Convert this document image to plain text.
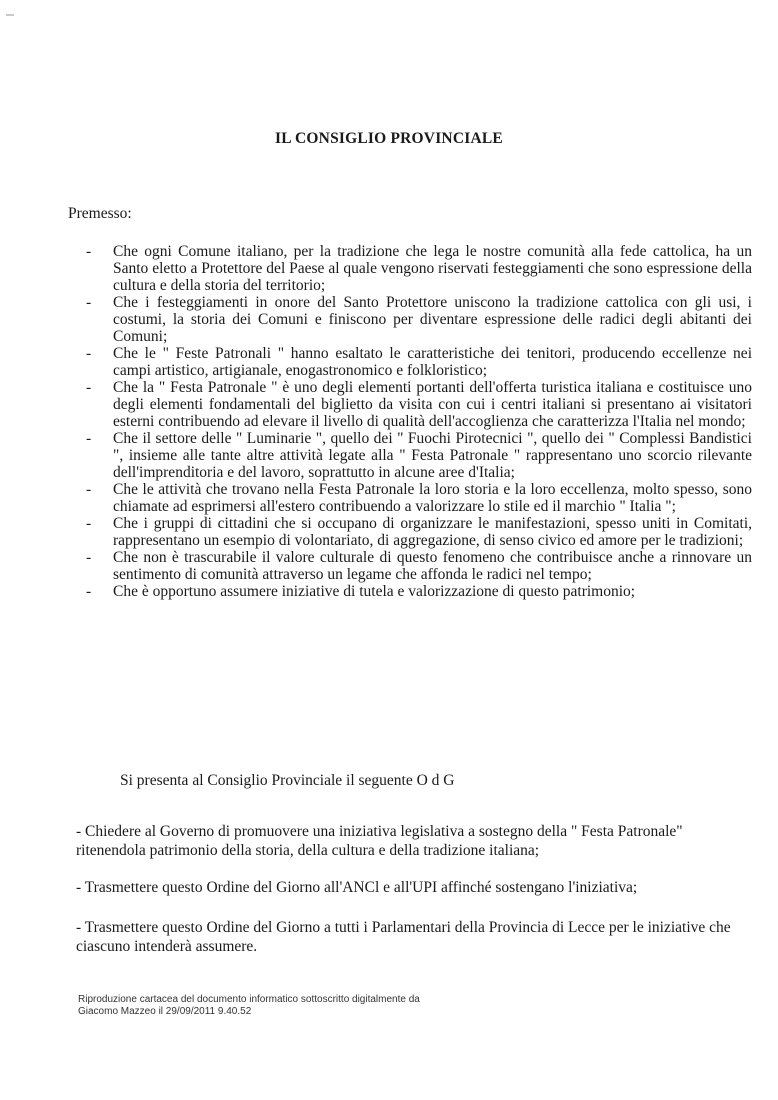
IL CONSIGLIO PROVINCIALE
Premesso:
- Che ogni Comune italiano, per la tradizione che lega le nostre comunità alla fede cattolica, ha un Santo eletto a Protettore del Paese al quale vengono riservati festeggiamenti che sono espressione della cultura e della storia del territorio;
- Che i festeggiamenti in onore del Santo Protettore uniscono la tradizione cattolica con gli usi, i costumi, la storia dei Comuni e finiscono per diventare espressione delle radici degli abitanti dei Comuni;
- Che le " Feste Patronali " hanno esaltato le caratteristiche dei tenitori, producendo eccellenze nei campi artistico, artigianale, enogastronomico e folkloristico;
- Che la " Festa Patronale " è uno degli elementi portanti dell'offerta turistica italiana e costituisce uno degli elementi fondamentali del biglietto da visita con cui i centri italiani si presentano ai visitatori esterni contribuendo ad elevare il livello di qualità dell'accoglienza che caratterizza l'Italia nel mondo;
- Che il settore delle " Luminarie ", quello dei " Fuochi Pirotecnici ", quello dei " Complessi Bandistici ", insieme alle tante altre attività legate alla " Festa Patronale " rappresentano uno scorcio rilevante dell'imprenditoria e del lavoro, soprattutto in alcune aree d'Italia;
- Che le attività che trovano nella Festa Patronale la loro storia e la loro eccellenza, molto spesso, sono chiamate ad esprimersi all'estero contribuendo a valorizzare lo stile ed il marchio " Italia ";
- Che i gruppi di cittadini che si occupano di organizzare le manifestazioni, spesso uniti in Comitati, rappresentano un esempio di volontariato, di aggregazione, di senso civico ed amore per le tradizioni;
- Che non è trascurabile il valore culturale di questo fenomeno che contribuisce anche a rinnovare un sentimento di comunità attraverso un legame che affonda le radici nel tempo;
- Che è opportuno assumere iniziative di tutela e valorizzazione di questo patrimonio;
Si presenta al Consiglio Provinciale il seguente O d G
- Chiedere al Governo di promuovere una iniziativa legislativa a sostegno della " Festa Patronale" ritenendola patrimonio della storia, della cultura e della tradizione italiana;
- Trasmettere questo Ordine del Giorno all'ANCl e all'UPI affinché sostengano l'iniziativa;
- Trasmettere questo Ordine del Giorno a tutti i Parlamentari della Provincia di Lecce per le iniziative che ciascuno intenderà assumere.
Riproduzione cartacea del documento informatico sottoscritto digitalmente da
Giacomo Mazzeo il 29/09/2011 9.40.52
